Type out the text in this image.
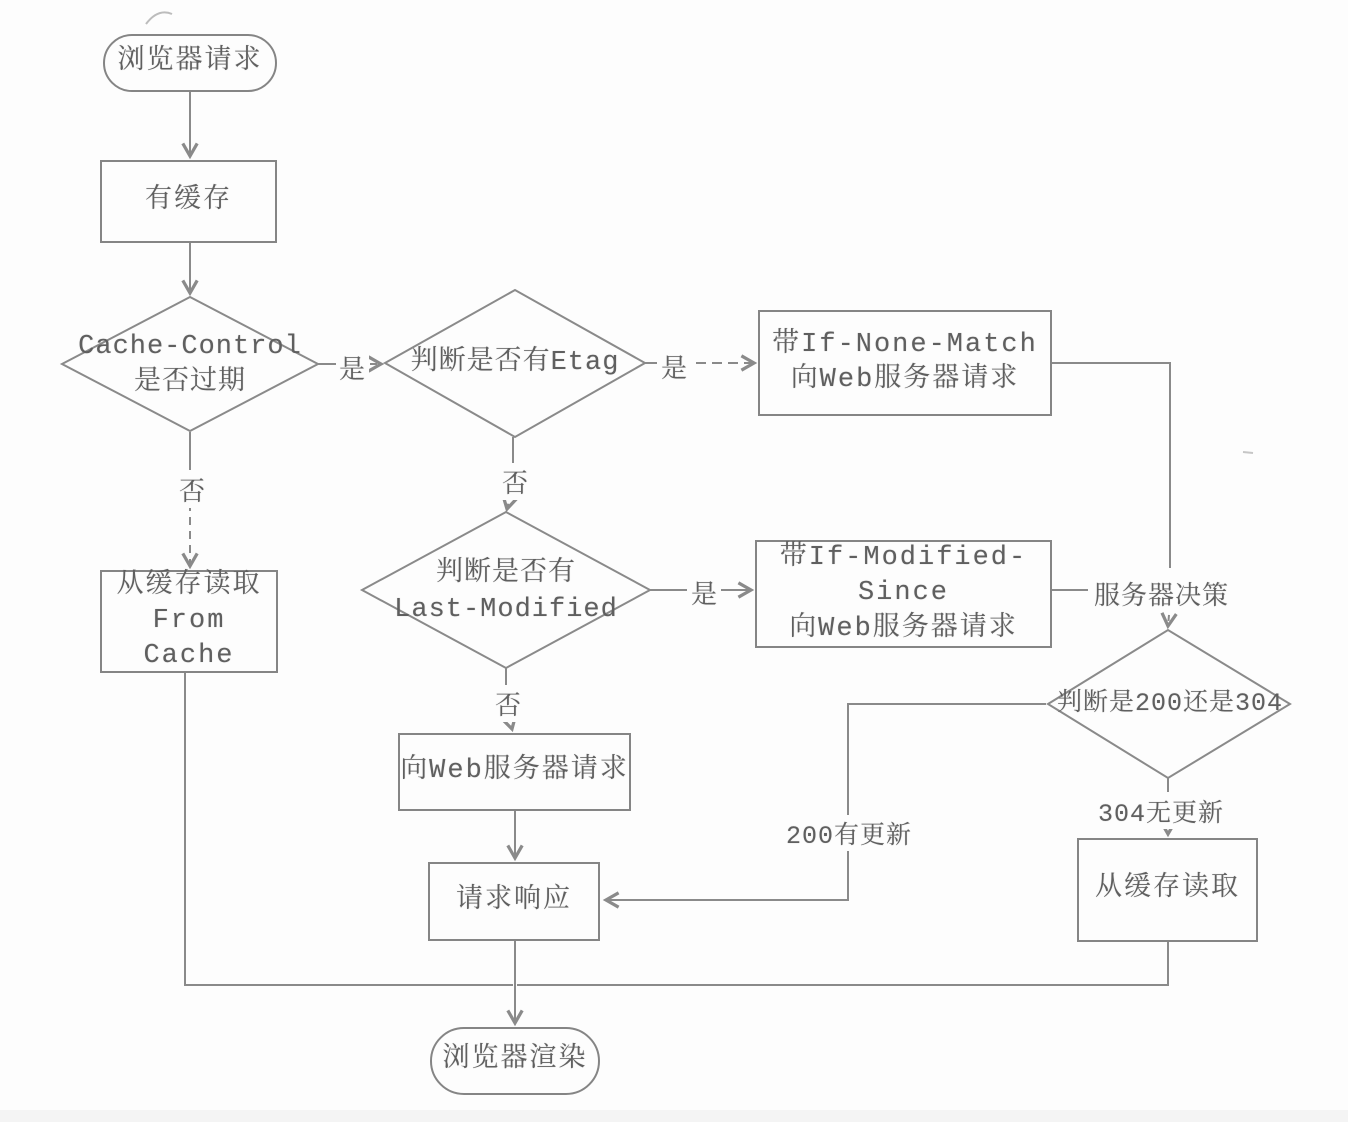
浏览器请求
有缓存
Cache-Control
是否过期
判断是否有Etag
带If-None-Match
向Web服务器请求
判断是否有
Last-Modified
带If-Modified-Since
向Web服务器请求
从缓存读取
From Cache
向Web服务器请求
请求响应
判断是200还是304
从缓存读取
浏览器渲染
是	是
是
否	否
否
服务器决策
200有更新
304无更新
